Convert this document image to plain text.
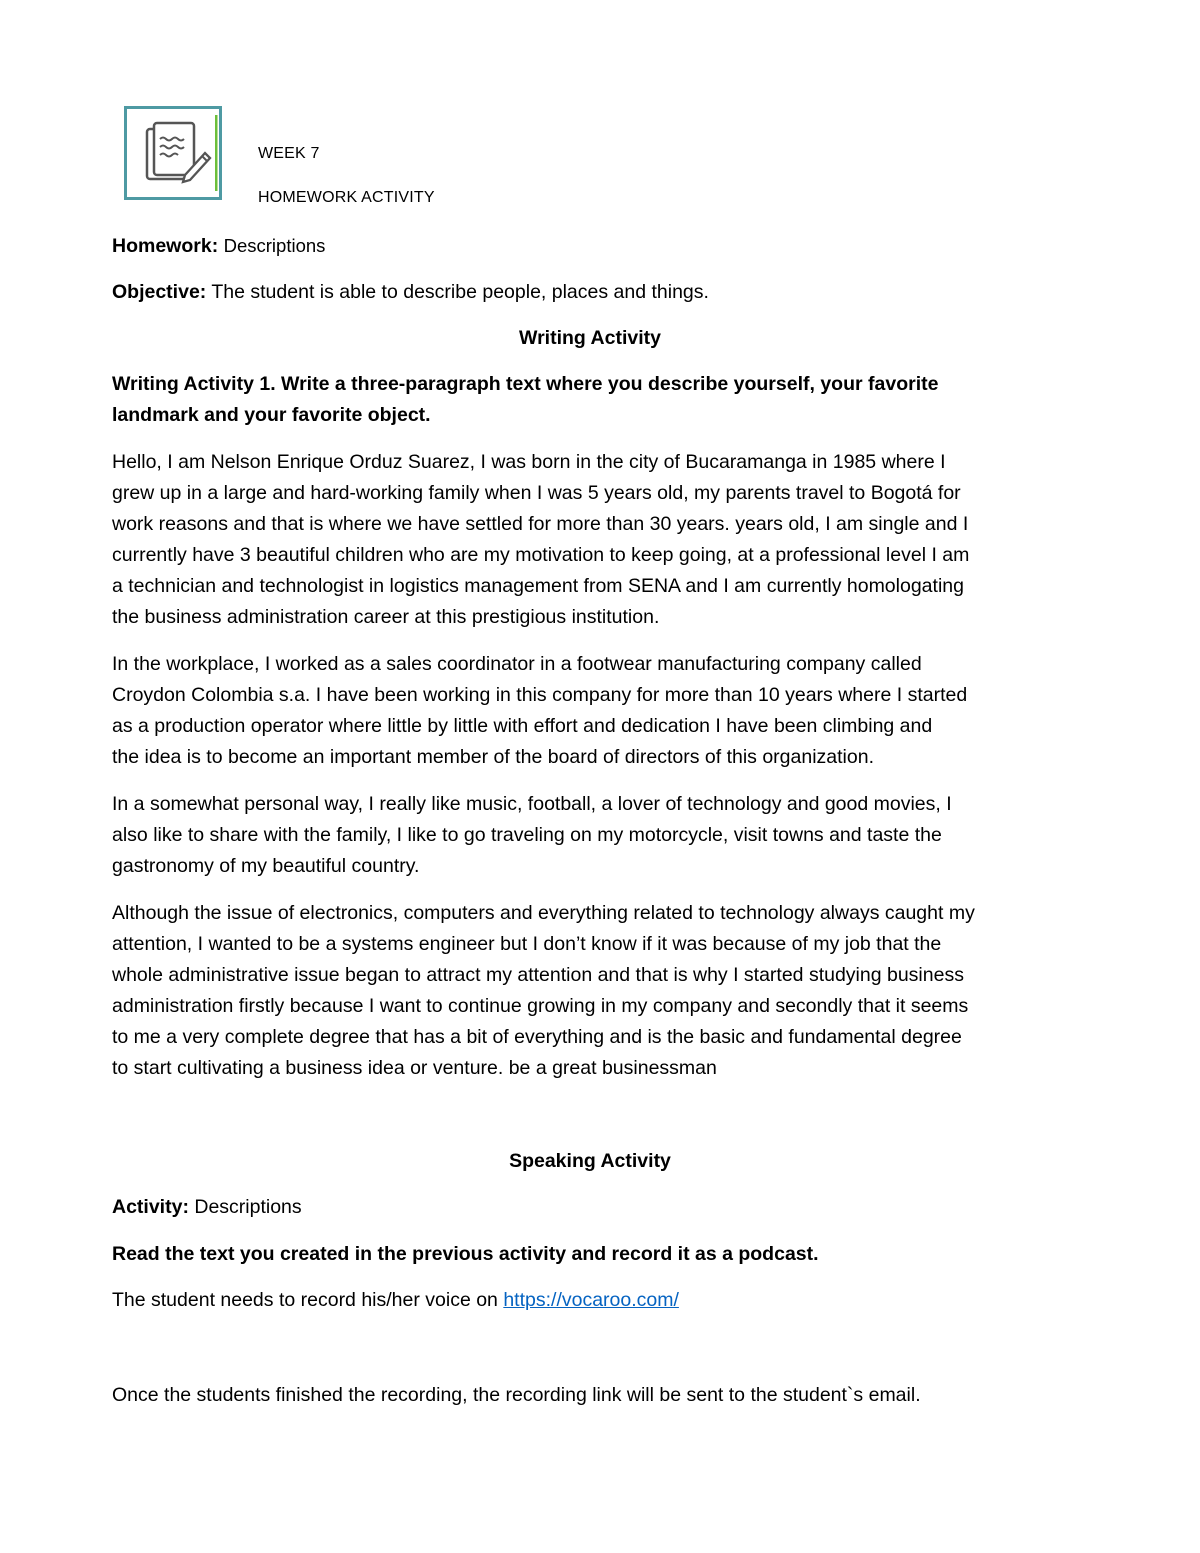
WEEK 7
HOMEWORK ACTIVITY
Homework: Descriptions
Objective: The student is able to describe people, places and things.
Writing Activity
Writing Activity 1. Write a three-paragraph text where you describe yourself, your favorite
landmark and your favorite object.
Hello, I am Nelson Enrique Orduz Suarez, I was born in the city of Bucaramanga in 1985 where I
grew up in a large and hard-working family when I was 5 years old, my parents travel to Bogotá for
work reasons and that is where we have settled for more than 30 years. years old, I am single and I
currently have 3 beautiful children who are my motivation to keep going, at a professional level I am
a technician and technologist in logistics management from SENA and I am currently homologating
the business administration career at this prestigious institution.
In the workplace, I worked as a sales coordinator in a footwear manufacturing company called
Croydon Colombia s.a. I have been working in this company for more than 10 years where I started
as a production operator where little by little with effort and dedication I have been climbing and
the idea is to become an important member of the board of directors of this organization.
In a somewhat personal way, I really like music, football, a lover of technology and good movies, I
also like to share with the family, I like to go traveling on my motorcycle, visit towns and taste the
gastronomy of my beautiful country.
Although the issue of electronics, computers and everything related to technology always caught my
attention, I wanted to be a systems engineer but I don’t know if it was because of my job that the
whole administrative issue began to attract my attention and that is why I started studying business
administration firstly because I want to continue growing in my company and secondly that it seems
to me a very complete degree that has a bit of everything and is the basic and fundamental degree
to start cultivating a business idea or venture. be a great businessman
Speaking Activity
Activity: Descriptions
Read the text you created in the previous activity and record it as a podcast.
The student needs to record his/her voice on https://vocaroo.com/
Once the students finished the recording, the recording link will be sent to the student`s email.
